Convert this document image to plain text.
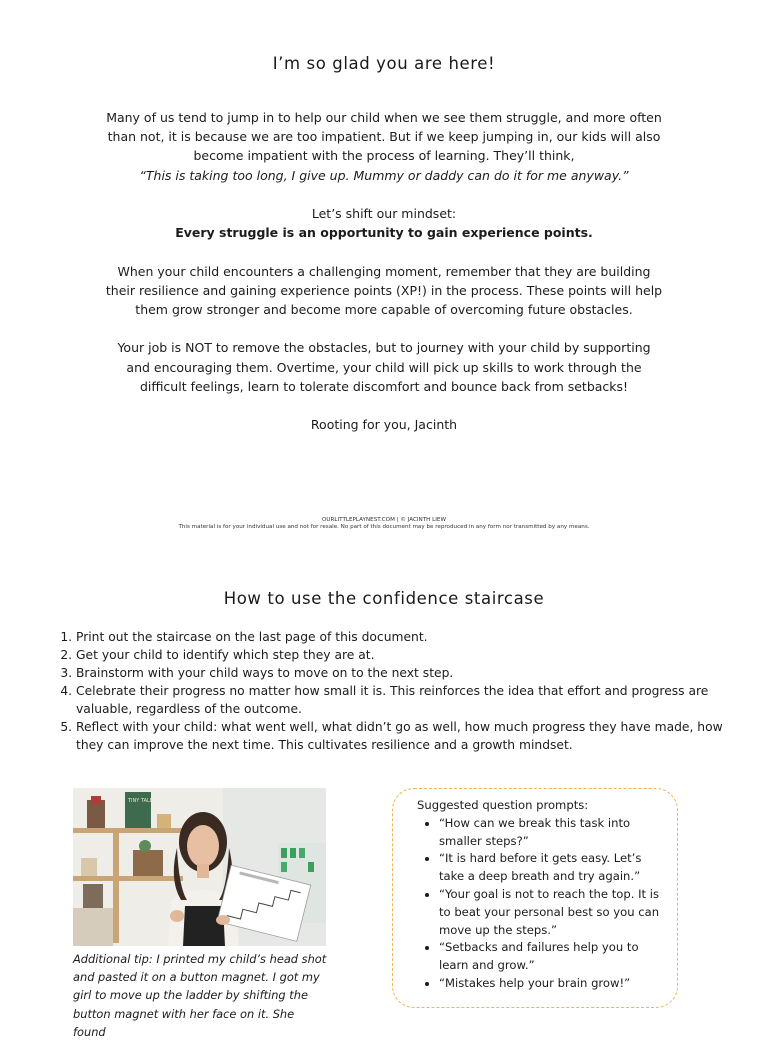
I’m so glad you are here!

Many of us tend to jump in to help our child when we see them struggle, and more often than not, it is because we are too impatient. But if we keep jumping in, our kids will also become impatient with the process of learning. They’ll think,

“This is taking too long, I give up. Mummy or daddy can do it for me anyway.”

Let’s shift our mindset:

Every struggle is an opportunity to gain experience points.

When your child encounters a challenging moment, remember that they are building their resilience and gaining experience points (XP!) in the process. These points will help them grow stronger and become more capable of overcoming future obstacles.

Your job is NOT to remove the obstacles, but to journey with your child by supporting and encouraging them. Overtime, your child will pick up skills to work through the difficult feelings, learn to tolerate discomfort and bounce back from setbacks!

Rooting for you, Jacinth

OURLITTLEPLAYNEST.COM | © JACINTH LIEW
This material is for your individual use and not for resale. No part of this document may be reproduced in any form nor transmitted by any means.
How to use the confidence staircase
1. Print out the staircase on the last page of this document.
2. Get your child to identify which step they are at.
3. Brainstorm with your child ways to move on to the next step.
4. Celebrate their progress no matter how small it is. This reinforces the idea that effort and progress are valuable, regardless of the outcome.
5. Reflect with your child: what went well, what didn’t go as well, how much progress they have made, how they can improve the next time. This cultivates resilience and a growth mindset.
TINY TALE
Additional tip: I printed my child’s head shot and pasted it on a button magnet. I got my girl to move up the ladder by shifting the button magnet with her face on it. She found
Suggested question prompts:
• “How can we break this task into smaller steps?”
• “It is hard before it gets easy. Let’s take a deep breath and try again.”
• “Your goal is not to reach the top. It is to beat your personal best so you can move up the steps.”
• “Setbacks and failures help you to learn and grow.”
• “Mistakes help your brain grow!”
